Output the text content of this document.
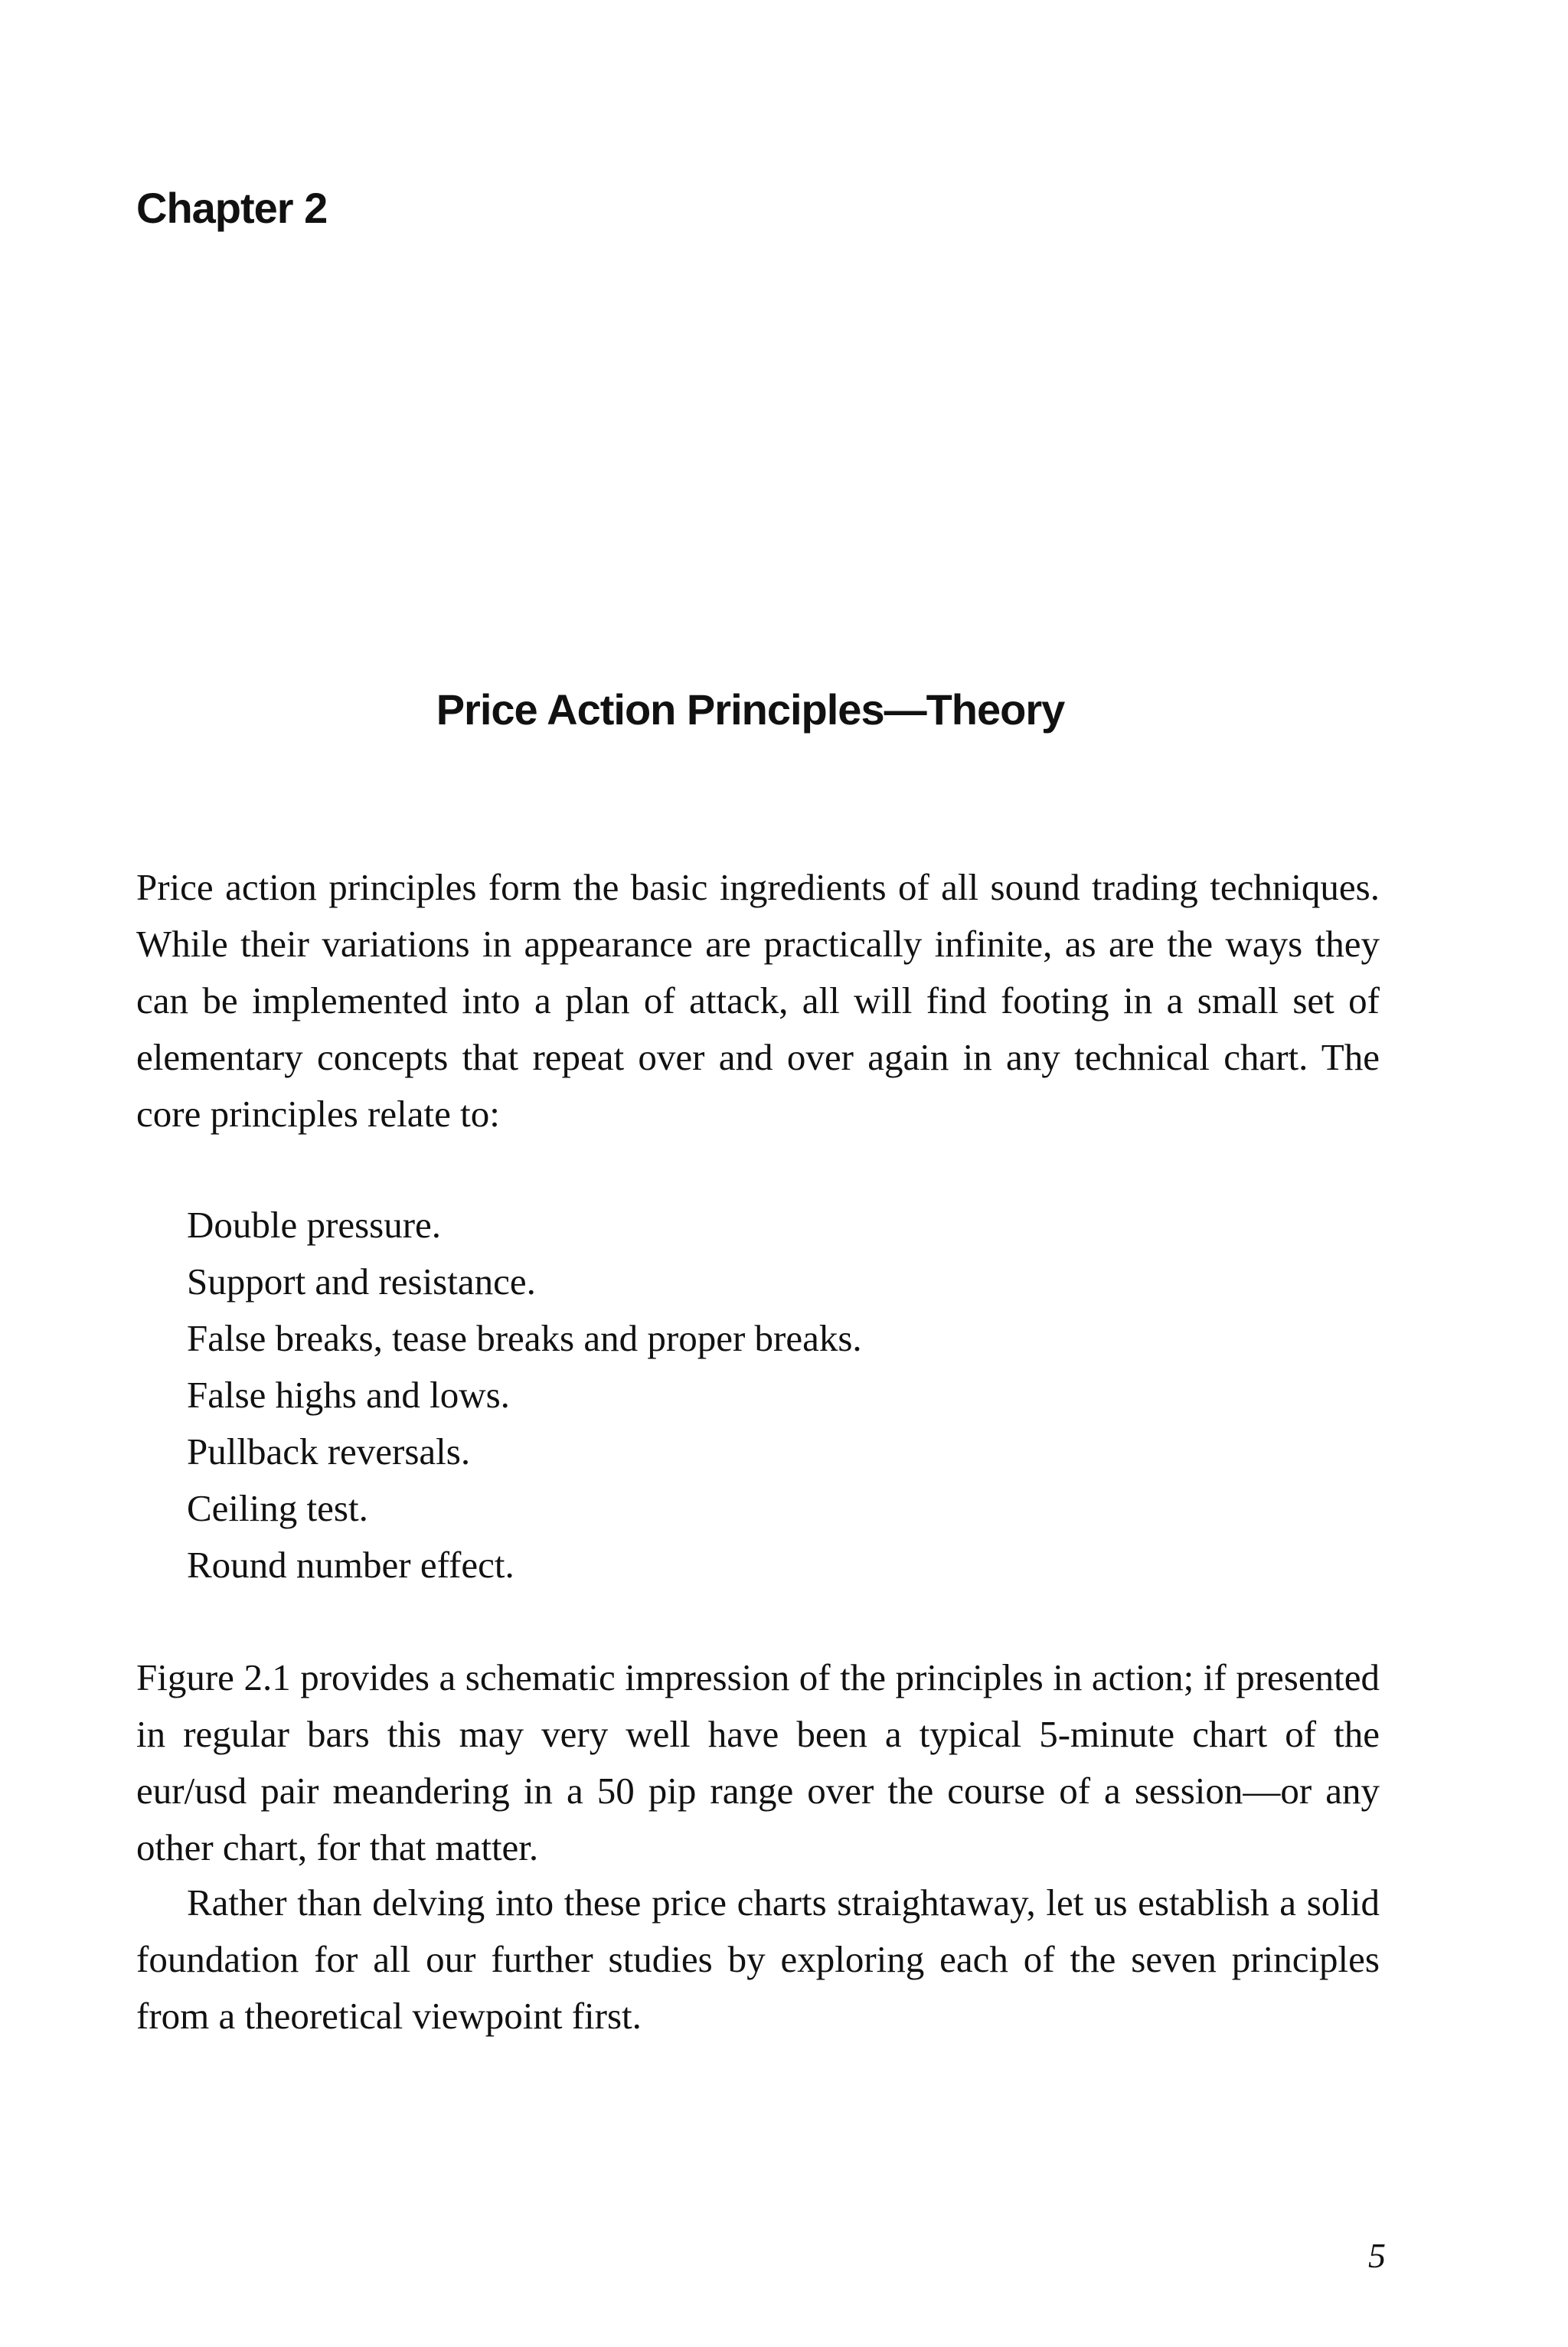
Chapter 2
Price Action Principles—Theory

Price action principles form the basic ingredients of all sound trading techniques. While their variations in appearance are practically infinite, as are the ways they can be implemented into a plan of attack, all will find footing in a small set of elementary concepts that repeat over and over again in any technical chart. The core principles relate to:

Double pressure.
Support and resistance.
False breaks, tease breaks and proper breaks.
False highs and lows.
Pullback reversals.
Ceiling test.
Round number effect.

Figure 2.1 provides a schematic impression of the principles in action; if presented in regular bars this may very well have been a typical 5-minute chart of the eur/usd pair meandering in a 50 pip range over the course of a session—or any other chart, for that matter.

Rather than delving into these price charts straightaway, let us establish a solid foundation for all our further studies by exploring each of the seven principles from a theoretical viewpoint first.

5
